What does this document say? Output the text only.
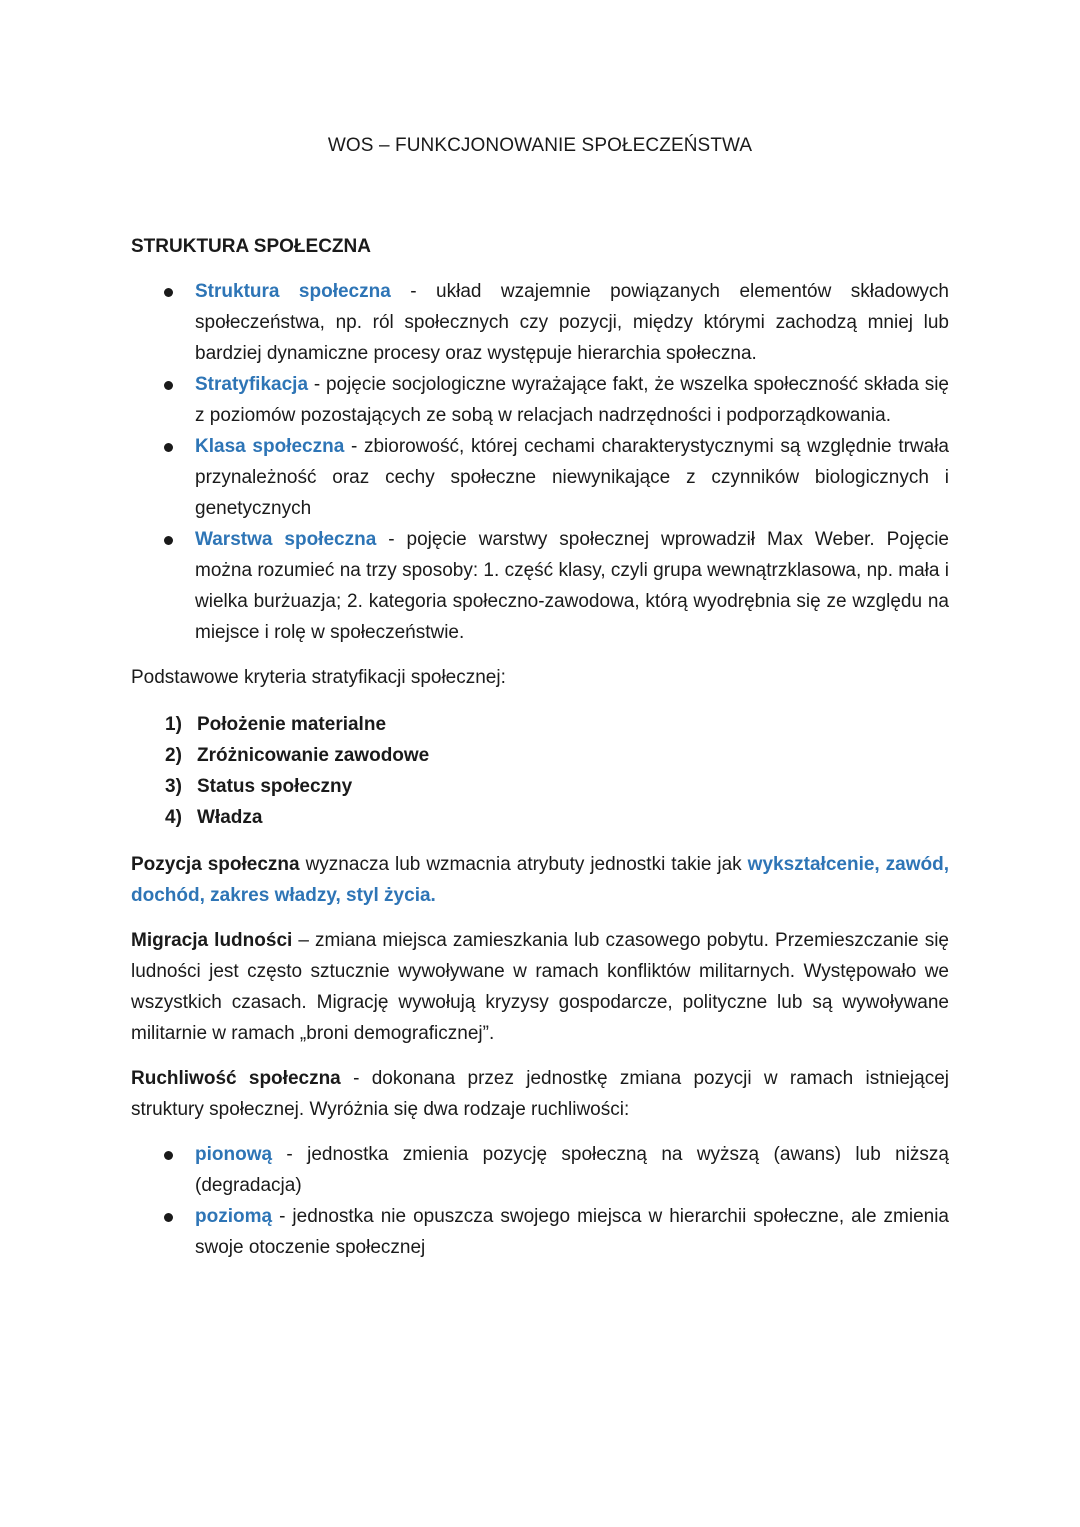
WOS – FUNKCJONOWANIE SPOŁECZEŃSTWA
STRUKTURA SPOŁECZNA
Struktura społeczna - układ wzajemnie powiązanych elementów składowych społeczeństwa, np. ról społecznych czy pozycji, między którymi zachodzą mniej lub bardziej dynamiczne procesy oraz występuje hierarchia społeczna.
Stratyfikacja - pojęcie socjologiczne wyrażające fakt, że wszelka społeczność składa się z poziomów pozostających ze sobą w relacjach nadrzędności i podporządkowania.
Klasa społeczna - zbiorowość, której cechami charakterystycznymi są względnie trwała przynależność oraz cechy społeczne niewynikające z czynników biologicznych i genetycznych
Warstwa społeczna - pojęcie warstwy społecznej wprowadził Max Weber. Pojęcie można rozumieć na trzy sposoby: 1. część klasy, czyli grupa wewnątrzklasowa, np. mała i wielka burżuazja; 2. kategoria społeczno-zawodowa, którą wyodrębnia się ze względu na miejsce i rolę w społeczeństwie.

Podstawowe kryteria stratyfikacji społecznej:

1) Położenie materialne
2) Zróżnicowanie zawodowe
3) Status społeczny
4) Władza

Pozycja społeczna wyznacza lub wzmacnia atrybuty jednostki takie jak wykształcenie, zawód, dochód, zakres władzy, styl życia.

Migracja ludności – zmiana miejsca zamieszkania lub czasowego pobytu. Przemieszczanie się ludności jest często sztucznie wywoływane w ramach konfliktów militarnych. Występowało we wszystkich czasach. Migrację wywołują kryzysy gospodarcze, polityczne lub są wywoływane militarnie w ramach „broni demograficznej”.

Ruchliwość społeczna - dokonana przez jednostkę zmiana pozycji w ramach istniejącej struktury społecznej. Wyróżnia się dwa rodzaje ruchliwości:

pionową - jednostka zmienia pozycję społeczną na wyższą (awans) lub niższą (degradacja)
poziomą - jednostka nie opuszcza swojego miejsca w hierarchii społeczne, ale zmienia swoje otoczenie społecznej
